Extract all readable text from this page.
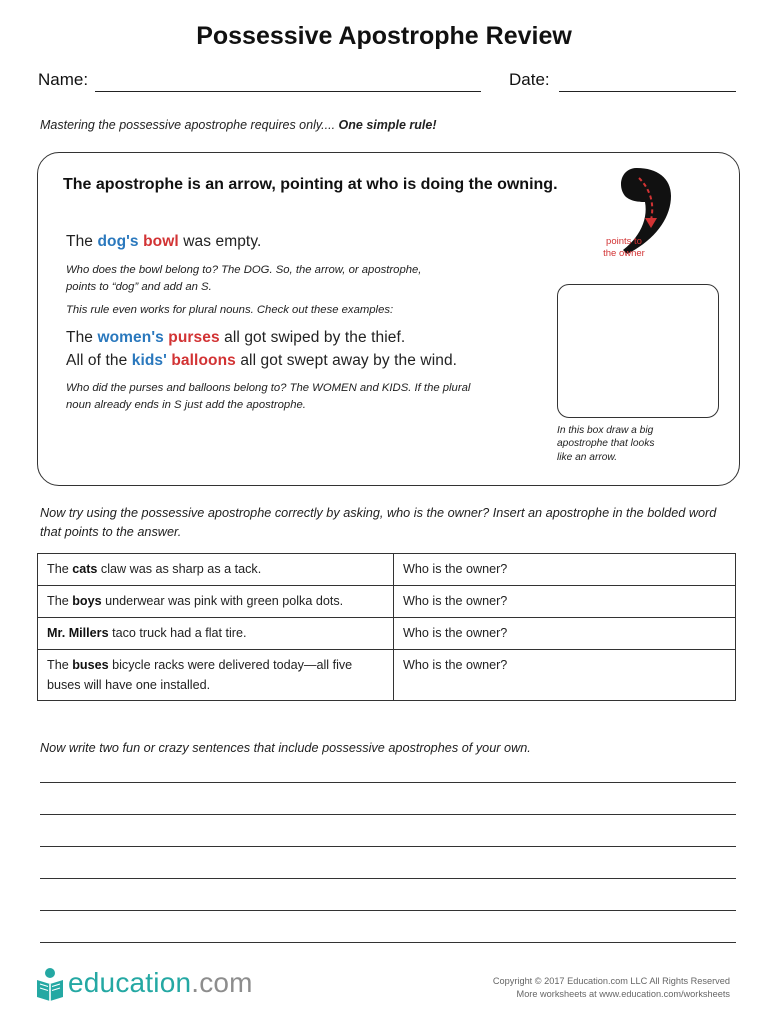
Possessive Apostrophe Review
Name:	Date:
Mastering the possessive apostrophe requires only.... One simple rule!
The apostrophe is an arrow, pointing at who is doing the owning.
The dog's bowl was empty.
Who does the bowl belong to? The DOG. So, the arrow, or apostrophe,
points to “dog” and add an S.
This rule even works for plural nouns. Check out these examples:
The women's purses all got swiped by the thief.
All of the kids' balloons all got swept away by the wind.
Who did the purses and balloons belong to? The WOMEN and KIDS. If the plural
noun already ends in S just add the apostrophe.
points to
the owner
In this box draw a big
apostrophe that looks
like an arrow.
Now try using the possessive apostrophe correctly by asking, who is the owner? Insert an apostrophe in the bolded word that points to the answer.
The cats claw was as sharp as a tack.	Who is the owner?
The boys underwear was pink with green polka dots.	Who is the owner?
Mr. Millers taco truck had a flat tire.	Who is the owner?
The buses bicycle racks were delivered today—all five buses will have one installed.	Who is the owner?
Now write two fun or crazy sentences that include possessive apostrophes of your own.
education.com	Copyright © 2017 Education.com LLC All Rights Reserved
More worksheets at www.education.com/worksheets
